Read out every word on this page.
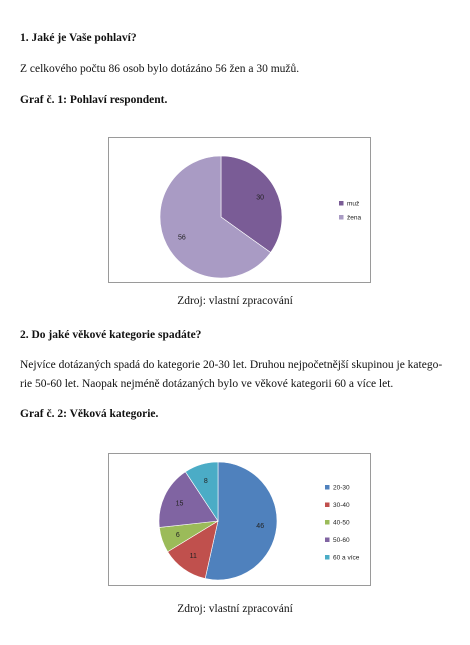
1. Jaké je Vaše pohlaví?
Z celkového počtu 86 osob bylo dotázáno 56 žen a 30 mužů.
Graf č. 1: Pohlaví respondent.
30
56
muž
žena
Zdroj: vlastní zpracování
2. Do jaké věkové kategorie spadáte?
Nejvíce dotázaných spadá do kategorie 20-30 let. Druhou nejpočetnější skupinou je katego-
rie 50-60 let. Naopak nejméně dotázaných bylo ve věkové kategorii 60 a více let.
Graf č. 2: Věková kategorie.
46
11
6
15
8
20-30
30-40
40-50
50-60
60 a více
Zdroj: vlastní zpracování
